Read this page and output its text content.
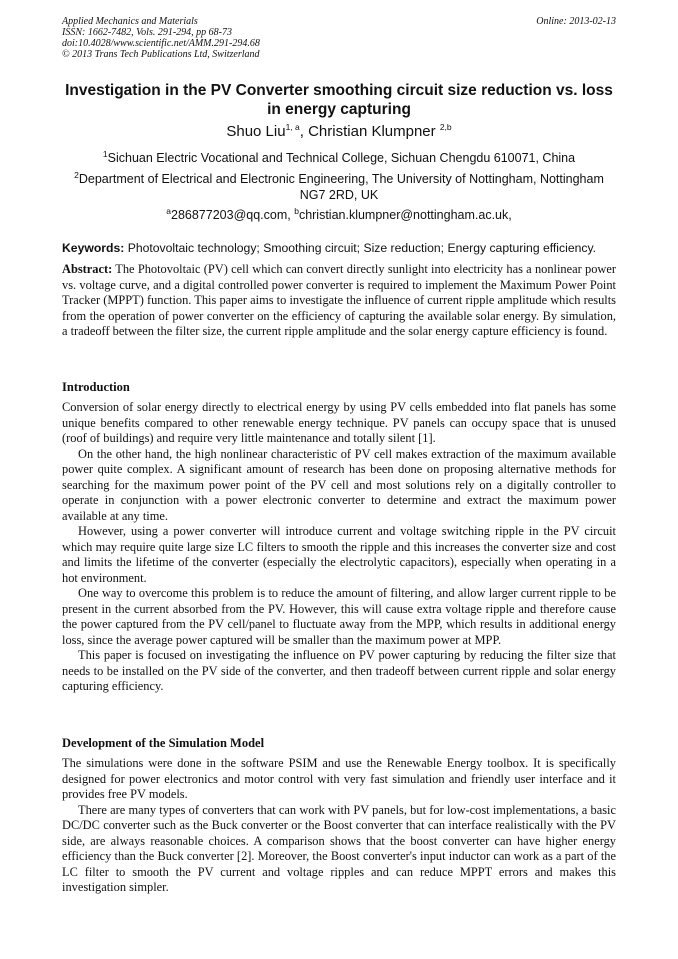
Applied Mechanics and Materials
ISSN: 1662-7482, Vols. 291-294, pp 68-73
doi:10.4028/www.scientific.net/AMM.291-294.68
© 2013 Trans Tech Publications Ltd, Switzerland
Online: 2013-02-13
Investigation in the PV Converter smoothing circuit size reduction vs. loss in energy capturing
Shuo Liu$^{1, a}$, Christian Klumpner $^{2,b}$
$^1$Sichuan Electric Vocational and Technical College, Sichuan Chengdu 610071, China
$^2$Department of Electrical and Electronic Engineering, The University of Nottingham, Nottingham NG7 2RD, UK
$^a$286877203@qq.com, $^b$christian.klumpner@nottingham.ac.uk,
Keywords: Photovoltaic technology; Smoothing circuit; Size reduction; Energy capturing efficiency.
Abstract: The Photovoltaic (PV) cell which can convert directly sunlight into electricity has a nonlinear power vs. voltage curve, and a digital controlled power converter is required to implement the Maximum Power Point Tracker (MPPT) function. This paper aims to investigate the influence of current ripple amplitude which results from the operation of power converter on the efficiency of capturing the available solar energy. By simulation, a tradeoff between the filter size, the current ripple amplitude and the solar energy capture efficiency is found.
Introduction

Conversion of solar energy directly to electrical energy by using PV cells embedded into flat panels has some unique benefits compared to other renewable energy technique. PV panels can occupy space that is unused (roof of buildings) and require very little maintenance and totally silent [1].

On the other hand, the high nonlinear characteristic of PV cell makes extraction of the maximum available power quite complex. A significant amount of research has been done on proposing alternative methods for searching for the maximum power point of the PV cell and most solutions rely on a digitally controller to operate in conjunction with a power electronic converter to determine and extract the maximum power available at any time.

However, using a power converter will introduce current and voltage switching ripple in the PV circuit which may require quite large size LC filters to smooth the ripple and this increases the converter size and cost and limits the lifetime of the converter (especially the electrolytic capacitors), especially when operating in a hot environment.

One way to overcome this problem is to reduce the amount of filtering, and allow larger current ripple to be present in the current absorbed from the PV. However, this will cause extra voltage ripple and therefore cause the power captured from the PV cell/panel to fluctuate away from the MPP, which results in additional energy loss, since the average power captured will be smaller than the maximum power at MPP.

This paper is focused on investigating the influence on PV power capturing by reducing the filter size that needs to be installed on the PV side of the converter, and then tradeoff between current ripple and solar energy capturing efficiency.

Development of the Simulation Model

The simulations were done in the software PSIM and use the Renewable Energy toolbox. It is specifically designed for power electronics and motor control with very fast simulation and friendly user interface and it provides free PV models.

There are many types of converters that can work with PV panels, but for low-cost implementations, a basic DC/DC converter such as the Buck converter or the Boost converter that can interface realistically with the PV side, are always reasonable choices. A comparison shows that the boost converter can have higher energy efficiency than the Buck converter [2]. Moreover, the Boost converter's input inductor can work as a part of the LC filter to smooth the PV current and voltage ripples and can reduce MPPT errors and makes this investigation simpler.
